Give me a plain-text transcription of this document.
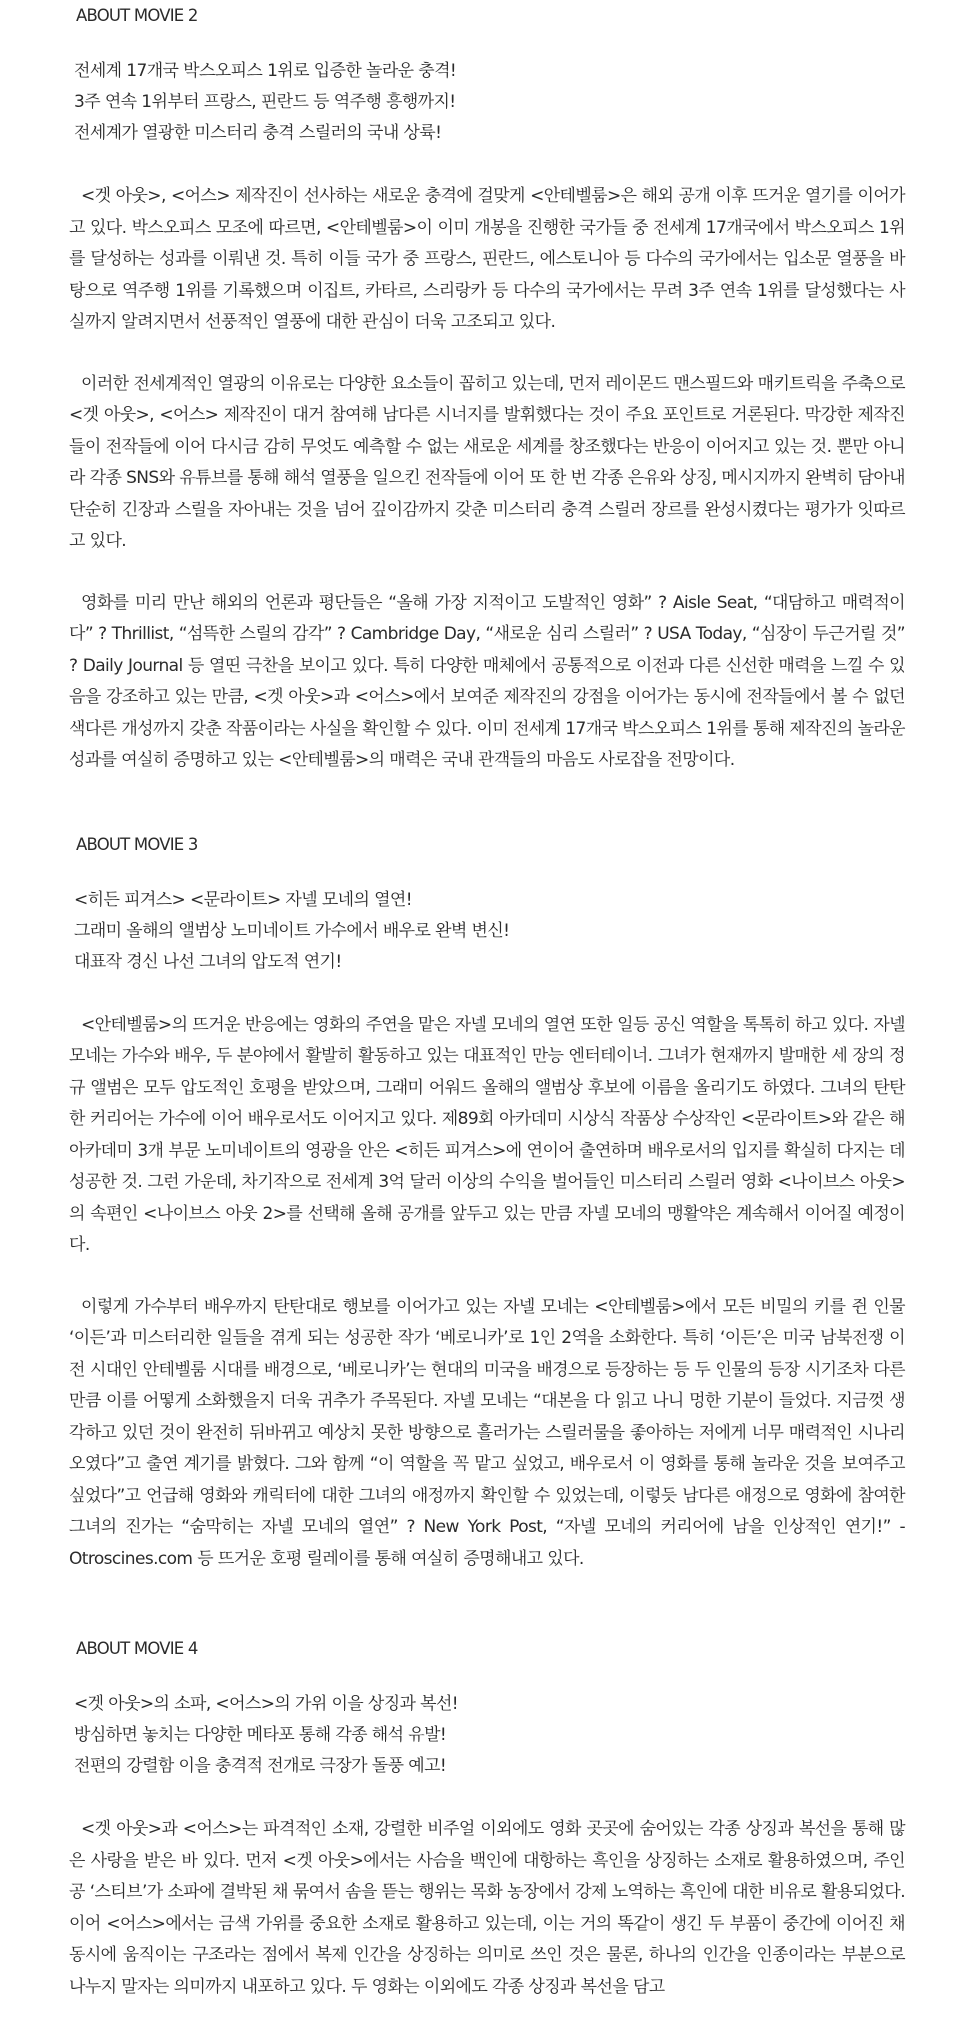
ABOUT MOVIE 2
전세계 17개국 박스오피스 1위로 입증한 놀라운 충격!
3주 연속 1위부터 프랑스, 핀란드 등 역주행 흥행까지!
전세계가 열광한 미스터리 충격 스릴러의 국내 상륙!

<겟 아웃>, <어스> 제작진이 선사하는 새로운 충격에 걸맞게 <안테벨룸>은 해외 공개 이후 뜨거운 열기를 이어가고 있다. 박스오피스 모조에 따르면, <안테벨룸>이 이미 개봉을 진행한 국가들 중 전세계 17개국에서 박스오피스 1위를 달성하는 성과를 이뤄낸 것. 특히 이들 국가 중 프랑스, 핀란드, 에스토니아 등 다수의 국가에서는 입소문 열풍을 바탕으로 역주행 1위를 기록했으며 이집트, 카타르, 스리랑카 등 다수의 국가에서는 무려 3주 연속 1위를 달성했다는 사실까지 알려지면서 선풍적인 열풍에 대한 관심이 더욱 고조되고 있다.

이러한 전세계적인 열광의 이유로는 다양한 요소들이 꼽히고 있는데, 먼저 레이몬드 맨스필드와 매키트릭을 주축으로 <겟 아웃>, <어스> 제작진이 대거 참여해 남다른 시너지를 발휘했다는 것이 주요 포인트로 거론된다. 막강한 제작진들이 전작들에 이어 다시금 감히 무엇도 예측할 수 없는 새로운 세계를 창조했다는 반응이 이어지고 있는 것. 뿐만 아니라 각종 SNS와 유튜브를 통해 해석 열풍을 일으킨 전작들에 이어 또 한 번 각종 은유와 상징, 메시지까지 완벽히 담아내 단순히 긴장과 스릴을 자아내는 것을 넘어 깊이감까지 갖춘 미스터리 충격 스릴러 장르를 완성시켰다는 평가가 잇따르고 있다.

영화를 미리 만난 해외의 언론과 평단들은 “올해 가장 지적이고 도발적인 영화” ? Aisle Seat, “대담하고 매력적이다” ? Thrillist, “섬뜩한 스릴의 감각” ? Cambridge Day, “새로운 심리 스릴러” ? USA Today, “심장이 두근거릴 것” ? Daily Journal 등 열띤 극찬을 보이고 있다. 특히 다양한 매체에서 공통적으로 이전과 다른 신선한 매력을 느낄 수 있음을 강조하고 있는 만큼, <겟 아웃>과 <어스>에서 보여준 제작진의 강점을 이어가는 동시에 전작들에서 볼 수 없던 색다른 개성까지 갖춘 작품이라는 사실을 확인할 수 있다. 이미 전세계 17개국 박스오피스 1위를 통해 제작진의 놀라운 성과를 여실히 증명하고 있는 <안테벨룸>의 매력은 국내 관객들의 마음도 사로잡을 전망이다.

ABOUT MOVIE 3
<히든 피겨스> <문라이트> 자넬 모네의 열연!
그래미 올해의 앨범상 노미네이트 가수에서 배우로 완벽 변신!
대표작 경신 나선 그녀의 압도적 연기!

<안테벨룸>의 뜨거운 반응에는 영화의 주연을 맡은 자넬 모네의 열연 또한 일등 공신 역할을 톡톡히 하고 있다. 자넬 모네는 가수와 배우, 두 분야에서 활발히 활동하고 있는 대표적인 만능 엔터테이너. 그녀가 현재까지 발매한 세 장의 정규 앨범은 모두 압도적인 호평을 받았으며, 그래미 어워드 올해의 앨범상 후보에 이름을 올리기도 하였다. 그녀의 탄탄한 커리어는 가수에 이어 배우로서도 이어지고 있다. 제89회 아카데미 시상식 작품상 수상작인 <문라이트>와 같은 해 아카데미 3개 부문 노미네이트의 영광을 안은 <히든 피겨스>에 연이어 출연하며 배우로서의 입지를 확실히 다지는 데 성공한 것. 그런 가운데, 차기작으로 전세계 3억 달러 이상의 수익을 벌어들인 미스터리 스릴러 영화 <나이브스 아웃>의 속편인 <나이브스 아웃 2>를 선택해 올해 공개를 앞두고 있는 만큼 자넬 모네의 맹활약은 계속해서 이어질 예정이다.

이렇게 가수부터 배우까지 탄탄대로 행보를 이어가고 있는 자넬 모네는 <안테벨룸>에서 모든 비밀의 키를 쥔 인물 ‘이든’과 미스터리한 일들을 겪게 되는 성공한 작가 ‘베로니카’로 1인 2역을 소화한다. 특히 ‘이든’은 미국 남북전쟁 이전 시대인 안테벨룸 시대를 배경으로, ‘베로니카’는 현대의 미국을 배경으로 등장하는 등 두 인물의 등장 시기조차 다른 만큼 이를 어떻게 소화했을지 더욱 귀추가 주목된다. 자넬 모네는 “대본을 다 읽고 나니 멍한 기분이 들었다. 지금껏 생각하고 있던 것이 완전히 뒤바뀌고 예상치 못한 방향으로 흘러가는 스릴러물을 좋아하는 저에게 너무 매력적인 시나리오였다”고 출연 계기를 밝혔다. 그와 함께 “이 역할을 꼭 맡고 싶었고, 배우로서 이 영화를 통해 놀라운 것을 보여주고 싶었다”고 언급해 영화와 캐릭터에 대한 그녀의 애정까지 확인할 수 있었는데, 이렇듯 남다른 애정으로 영화에 참여한 그녀의 진가는 “숨막히는 자넬 모네의 열연” ? New York Post, “자넬 모네의 커리어에 남을 인상적인 연기!” - Otroscines.com 등 뜨거운 호평 릴레이를 통해 여실히 증명해내고 있다.

ABOUT MOVIE 4
<겟 아웃>의 소파, <어스>의 가위 이을 상징과 복선!
방심하면 놓치는 다양한 메타포 통해 각종 해석 유발!
전편의 강렬함 이을 충격적 전개로 극장가 돌풍 예고!

<겟 아웃>과 <어스>는 파격적인 소재, 강렬한 비주얼 이외에도 영화 곳곳에 숨어있는 각종 상징과 복선을 통해 많은 사랑을 받은 바 있다. 먼저 <겟 아웃>에서는 사슴을 백인에 대항하는 흑인을 상징하는 소재로 활용하였으며, 주인공 ‘스티브’가 소파에 결박된 채 묶여서 솜을 뜯는 행위는 목화 농장에서 강제 노역하는 흑인에 대한 비유로 활용되었다. 이어 <어스>에서는 금색 가위를 중요한 소재로 활용하고 있는데, 이는 거의 똑같이 생긴 두 부품이 중간에 이어진 채 동시에 움직이는 구조라는 점에서 복제 인간을 상징하는 의미로 쓰인 것은 물론, 하나의 인간을 인종이라는 부분으로 나누지 말자는 의미까지 내포하고 있다. 두 영화는 이외에도 각종 상징과 복선을 담고
